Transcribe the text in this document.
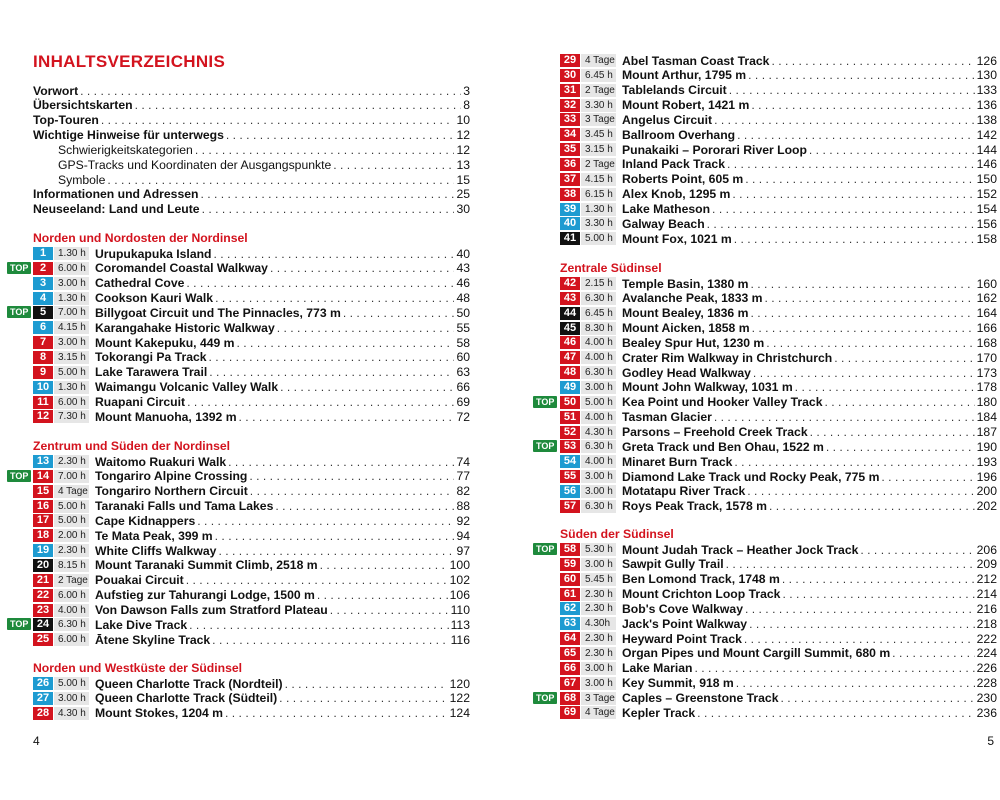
INHALTSVERZEICHNIS
Vorwort . . .	3
Übersichtskarten . . .	8
Top-Touren . . .	10
Wichtige Hinweise für unterwegs . . .	12
Schwierigkeitskategorien . . .	12
GPS-Tracks und Koordinaten der Ausgangspunkte . . .	13
Symbole . . .	15
Informationen und Adressen . . .	25
Neuseeland: Land und Leute . . .	30
Norden und Nordosten der Nordinsel
1	1.30 h Urupukapuka Island . . .	40
TOP	2	6.00 h Coromandel Coastal Walkway . . .	43
3	3.00 h Cathedral Cove . . .	46
4	1.30 h Cookson Kauri Walk . . .	48
TOP	5	7.00 h Billygoat Circuit und The Pinnacles, 773 m . . .	50
6	4.15 h Karangahake Historic Walkway . . .	55
7	3.00 h Mount Kakepuku, 449 m . . .	58
8	3.15 h Tokorangi Pa Track . . .	60
9	5.00 h Lake Tarawera Trail . . .	63
10 1.30 h Waimangu Volcanic Valley Walk . . .	66
11 6.00 h Ruapani Circuit . . .	69
12 7.30 h Mount Manuoha, 1392 m . . .	72
Zentrum und Süden der Nordinsel
13 2.30 h Waitomo Ruakuri Walk . . .	74
TOP 14 7.00 h Tongariro Alpine Crossing . . .	77
15 4 Tage Tongariro Northern Circuit . . .	82
16 5.00 h Taranaki Falls und Tama Lakes . . .	88
17 5.00 h Cape Kidnappers . . .	92
18 2.00 h Te Mata Peak, 399 m . . .	94
19 2.30 h White Cliffs Walkway . . .	97
20 8.15 h Mount Taranaki Summit Climb, 2518 m . . .	100
21 2 Tage Pouakai Circuit . . .	102
22 6.00 h Aufstieg zur Tahurangi Lodge, 1500 m . . .	106
23 4.00 h Von Dawson Falls zum Stratford Plateau . . .	110
TOP 24 6.30 h Lake Dive Track . . .	113
25 6.00 h Ātene Skyline Track . . .	116
Norden und Westküste der Südinsel
26 5.00 h Queen Charlotte Track (Nordteil) . . .	120
27 3.00 h Queen Charlotte Track (Südteil) . . .	122
28 4.30 h Mount Stokes, 1204 m . . .	124
4
29 4 Tage Abel Tasman Coast Track . . .	126
30 6.45 h Mount Arthur, 1795 m . . .	130
31 2 Tage Tablelands Circuit . . .	133
32 3.30 h Mount Robert, 1421 m . . .	136
33 3 Tage Angelus Circuit . . .	138
34 3.45 h Ballroom Overhang . . .	142
35 3.15 h Punakaiki – Pororari River Loop . . .	144
36 2 Tage Inland Pack Track . . .	146
37 4.15 h Roberts Point, 605 m . . .	150
38 6.15 h Alex Knob, 1295 m . . .	152
39 1.30 h Lake Matheson . . .	154
40 3.30 h Galway Beach . . .	156
41 5.00 h Mount Fox, 1021 m . . .	158
Zentrale Südinsel
42 2.15 h Temple Basin, 1380 m . . .	160
43 6.30 h Avalanche Peak, 1833 m . . .	162
44 6.45 h Mount Bealey, 1836 m . . .	164
45 8.30 h Mount Aicken, 1858 m . . .	166
46 4.00 h Bealey Spur Hut, 1230 m . . .	168
47 4.00 h Crater Rim Walkway in Christchurch . . .	170
48 6.30 h Godley Head Walkway . . .	173
49 3.00 h Mount John Walkway, 1031 m . . .	178
TOP 50 5.00 h Kea Point und Hooker Valley Track . . .	180
51 4.00 h Tasman Glacier . . .	184
52 4.30 h Parsons – Freehold Creek Track . . .	187
TOP 53 6.30 h Greta Track und Ben Ohau, 1522 m . . .	190
54 4.00 h Minaret Burn Track . . .	193
55 3.00 h Diamond Lake Track und Rocky Peak, 775 m . . .	196
56 3.00 h Motatapu River Track . . .	200
57 6.30 h Roys Peak Track, 1578 m . . .	202
Süden der Südinsel
TOP 58 5.30 h Mount Judah Track – Heather Jock Track . . .	206
59 3.00 h Sawpit Gully Trail . . .	209
60 5.45 h Ben Lomond Track, 1748 m . . .	212
61 2.30 h Mount Crichton Loop Track . . .	214
62 2.30 h Bob's Cove Walkway . . .	216
63 4.30h Jack's Point Walkway . . .	218
64 2.30 h Heyward Point Track . . .	222
65 2.30 h Organ Pipes und Mount Cargill Summit, 680 m . . .	224
66 3.00 h Lake Marian . . .	226
67 3.00 h Key Summit, 918 m . . .	228
TOP 68 3 Tage Caples – Greenstone Track . . .	230
69 4 Tage Kepler Track . . .	236
5
